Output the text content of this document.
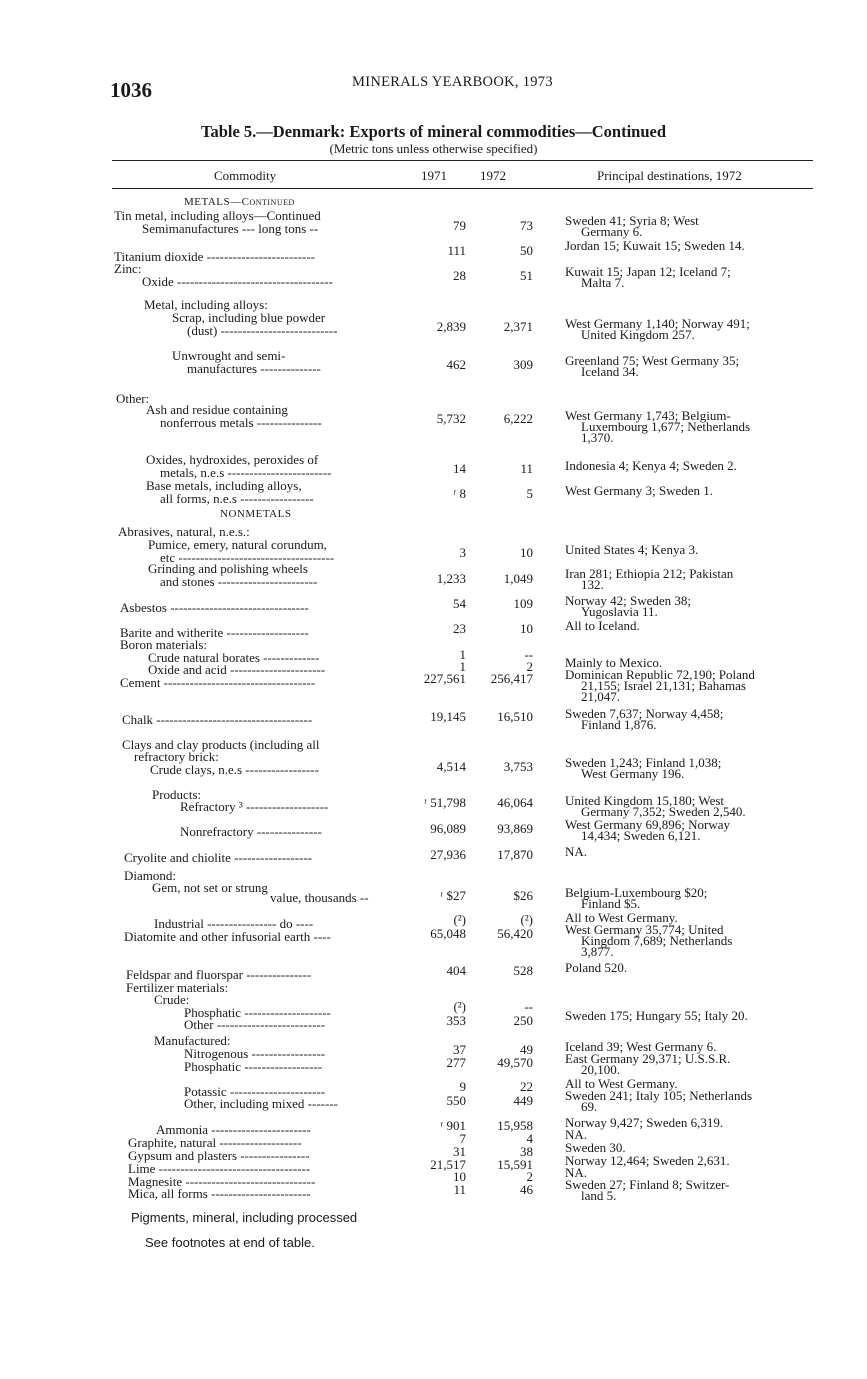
1036	MINERALS YEARBOOK, 1973
Table 5.—Denmark: Exports of mineral commodities—Continued
(Metric tons unless otherwise specified)
Commodity	1971	1972	Principal destinations, 1972
METALS—Continued
Tin metal, including alloys—Continued
Semimanufactures --- long tons --	79	73 Sweden 41; Syria 8; West
Germany 6.
Titanium dioxide -------------------------	111	50 Jordan 15; Kuwait 15; Sweden 14.
Zinc:
Oxide ------------------------------------	28	51 Kuwait 15; Japan 12; Iceland 7;
Malta 7.
Metal, including alloys:
Scrap, including blue powder
(dust) ---------------------------	2,839	2,371 West Germany 1,140; Norway 491;
United Kingdom 257.
Unwrought and semi-
manufactures --------------	462	309 Greenland 75; West Germany 35;
Iceland 34.
Other:
Ash and residue containing
nonferrous metals ---------------	5,732	6,222 West Germany 1,743; Belgium-
Luxembourg 1,677; Netherlands
1,370.
Oxides, hydroxides, peroxides of
metals, n.e.s ------------------------	14	11 Indonesia 4; Kenya 4; Sweden 2.
Base metals, including alloys,
all forms, n.e.s -----------------	ʳ 8	5 West Germany 3; Sweden 1.
NONMETALS
Abrasives, natural, n.e.s.:
Pumice, emery, natural corundum,
etc ------------------------------------	3	10 United States 4; Kenya 3.
Grinding and polishing wheels
and stones -----------------------	1,233	1,049 Iran 281; Ethiopia 212; Pakistan
132.
Asbestos --------------------------------	54	109 Norway 42; Sweden 38;
Yugoslavia 11.
Barite and witherite -------------------	23	10 All to Iceland.
Boron materials:
Crude natural borates -------------	1	--
Oxide and acid ----------------------	1	2 Mainly to Mexico.
Cement -----------------------------------	227,561 256,417 Dominican Republic 72,190; Poland
21,155; Israel 21,131; Bahamas
21,047.
Chalk ------------------------------------	19,145 16,510 Sweden 7,637; Norway 4,458;
Finland 1,876.
Clays and clay products (including all
refractory brick:
Crude clays, n.e.s -----------------	4,514	3,753 Sweden 1,243; Finland 1,038;
West Germany 196.
Products:
Refractory ³ -------------------	ʳ 51,798 46,064 United Kingdom 15,180; West
Germany 7,352; Sweden 2,540.
Nonrefractory ---------------	96,089 93,869 West Germany 69,896; Norway
14,434; Sweden 6,121.
Cryolite and chiolite ------------------	27,936 17,870 NA.
Diamond:
Gem, not set or strung
value, thousands --	ʳ $27	$26 Belgium-Luxembourg $20;
Finland $5.
Industrial ---------------- do ----	(²)	(²) All to West Germany.
Diatomite and other infusorial earth ----	65,048 56,420 West Germany 35,774; United
Kingdom 7,689; Netherlands
3,877.
Feldspar and fluorspar ---------------	404	528 Poland 520.
Fertilizer materials:
Crude:
Phosphatic --------------------	(²)	--
Other -------------------------	353	250 Sweden 175; Hungary 55; Italy 20.
Manufactured:
Nitrogenous -----------------	37	49 Iceland 39; West Germany 6.
Phosphatic ------------------	277 49,570 East Germany 29,371; U.S.S.R.
20,100.
Potassic ----------------------	9	22 All to West Germany.
Other, including mixed -------	550	449 Sweden 241; Italy 105; Netherlands
69.
Ammonia -----------------------	ʳ 901 15,958 Norway 9,427; Sweden 6,319.
Graphite, natural -------------------	7	4 NA.
Gypsum and plasters ----------------	31	38 Sweden 30.
Lime -----------------------------------	21,517 15,591 Norway 12,464; Sweden 2,631.
Magnesite ------------------------------	10	2 NA.
Mica, all forms -----------------------	11	46 Sweden 27; Finland 8; Switzer-
land 5.
Pigments, mineral, including processed
See footnotes at end of table.
